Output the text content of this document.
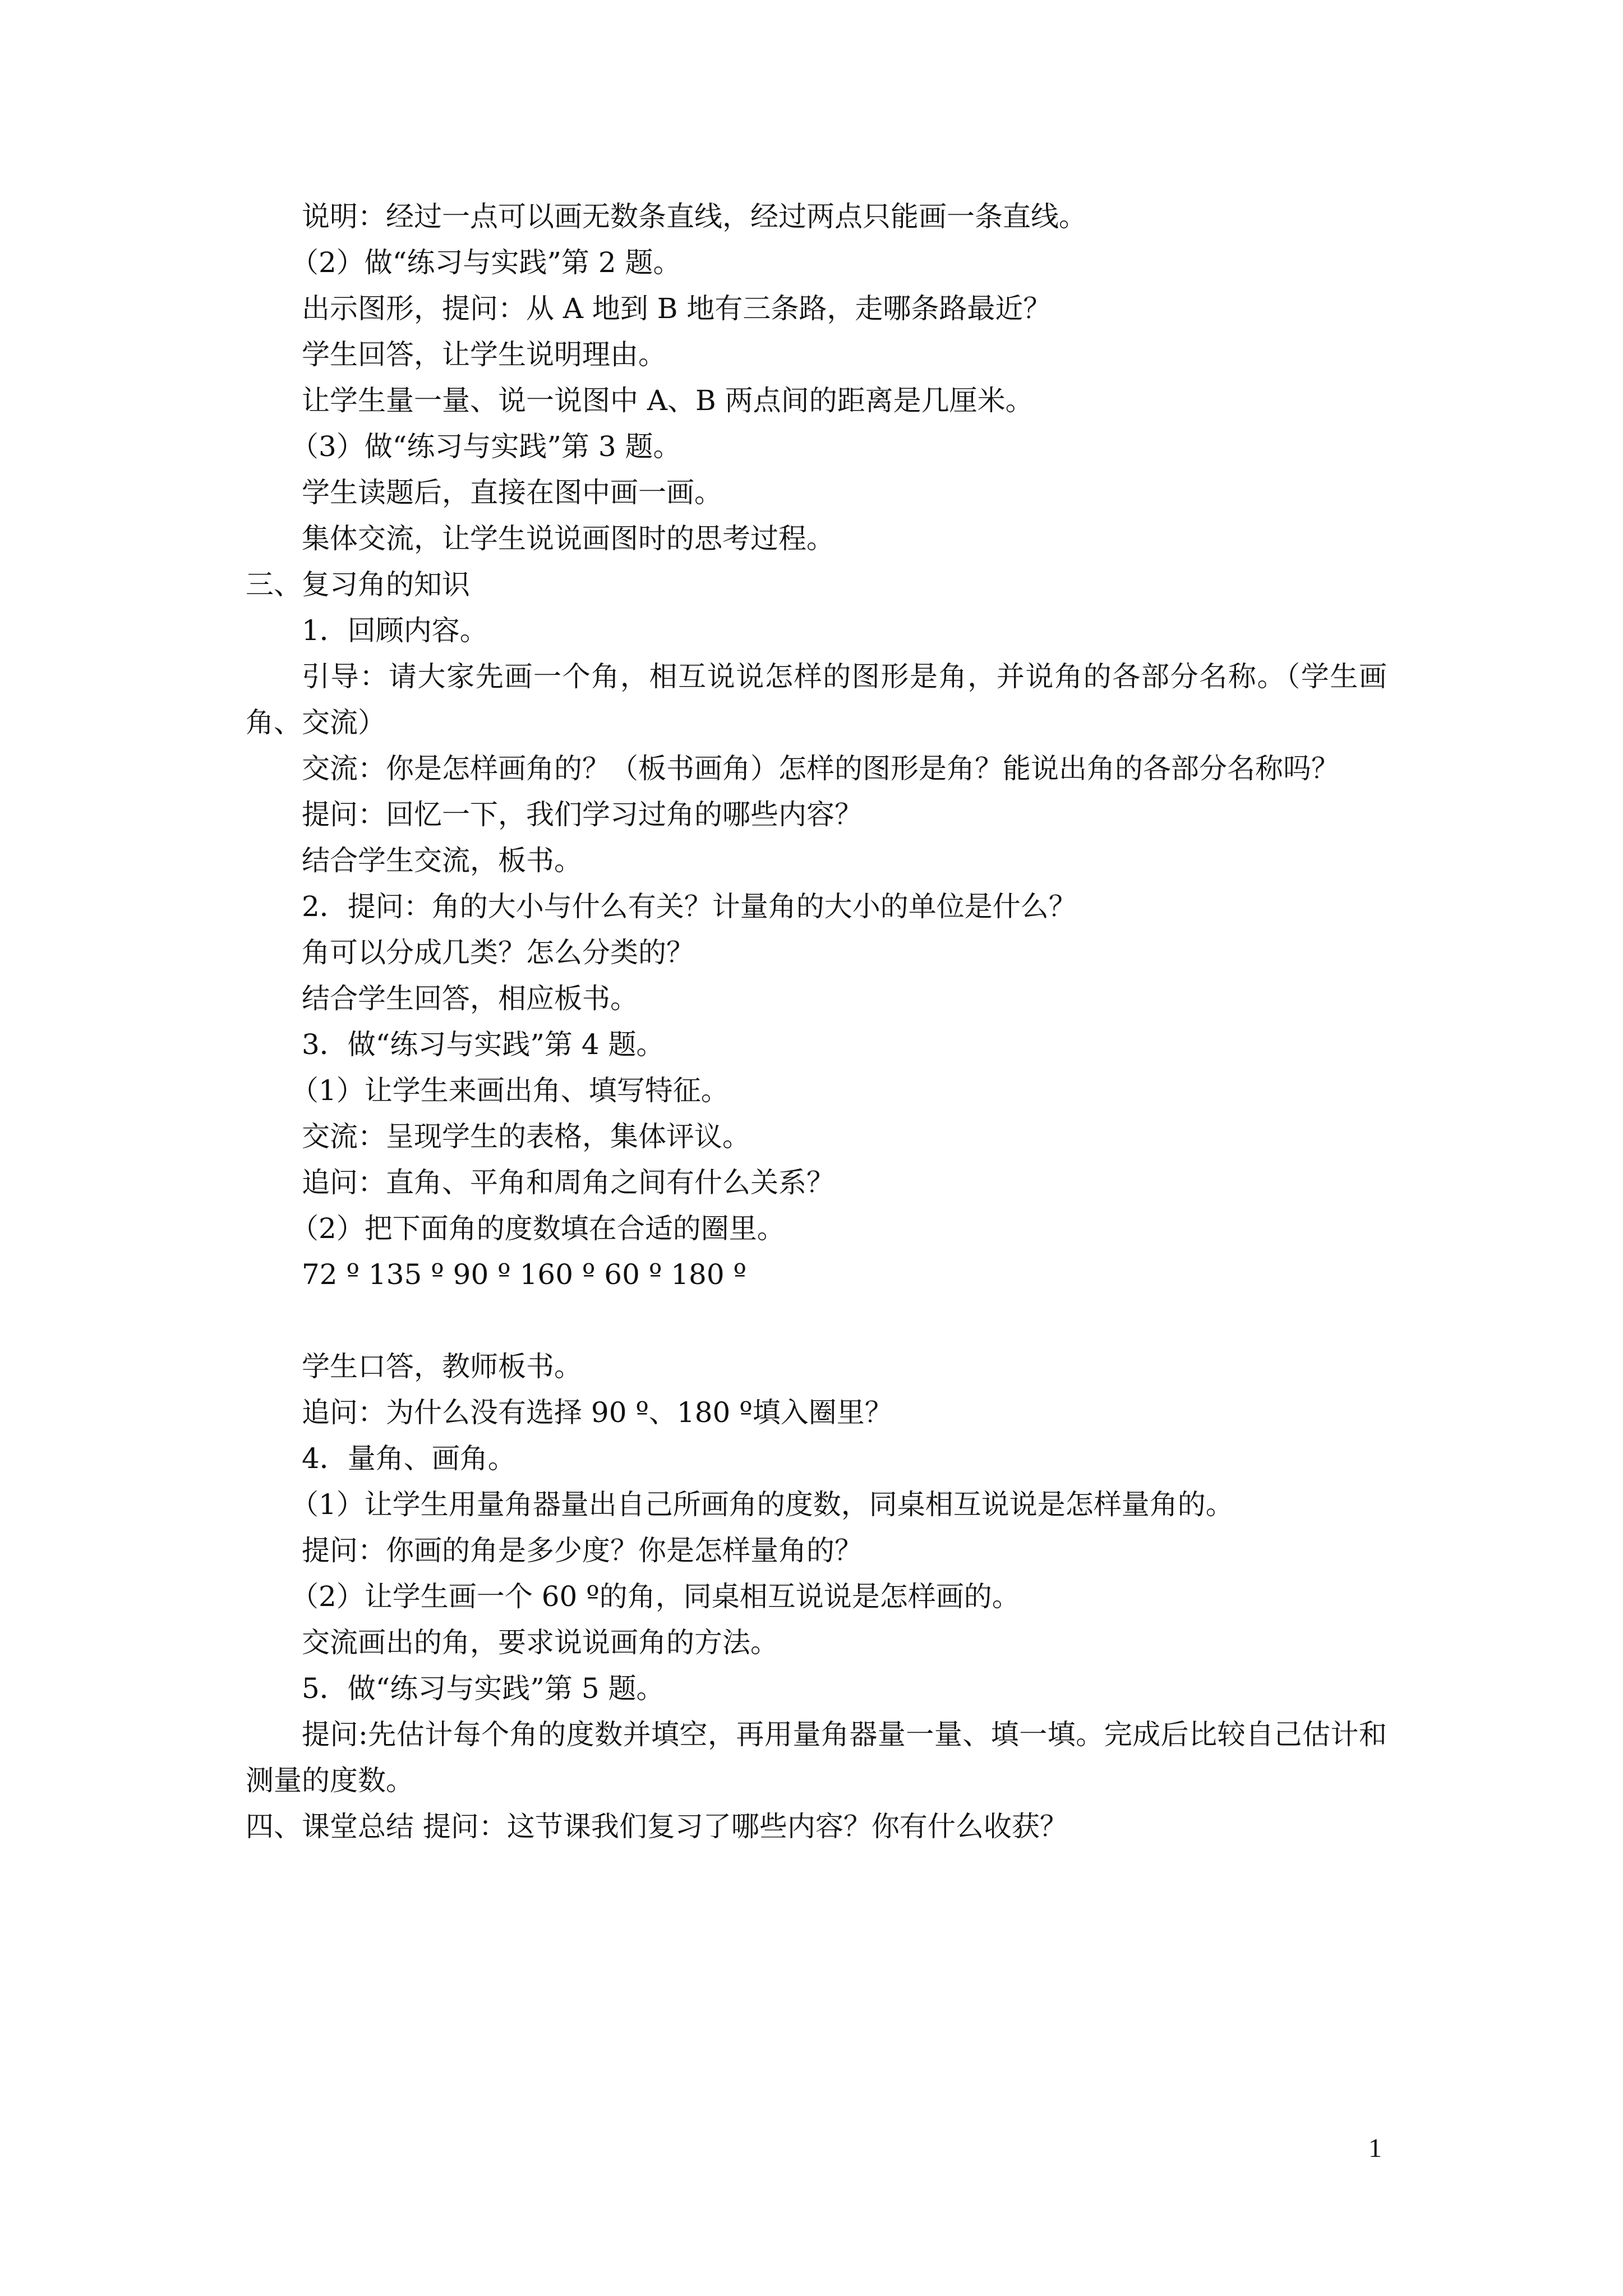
说明：经过一点可以画无数条直线，经过两点只能画一条直线。

（2）做“练习与实践”第 2 题。

出示图形，提问：从 A 地到 B 地有三条路，走哪条路最近？

学生回答，让学生说明理由。

让学生量一量、说一说图中 A、B 两点间的距离是几厘米。

（3）做“练习与实践”第 3 题。

学生读题后，直接在图中画一画。

集体交流，让学生说说画图时的思考过程。

三、复习角的知识

1．回顾内容。

引导：请大家先画一个角，相互说说怎样的图形是角，并说角的各部分名称。（学生画角、交流）

交流：你是怎样画角的？（板书画角）怎样的图形是角？能说出角的各部分名称吗？

提问：回忆一下，我们学习过角的哪些内容？

结合学生交流，板书。

2．提问：角的大小与什么有关？计量角的大小的单位是什么？

角可以分成几类？怎么分类的？

结合学生回答，相应板书。

3．做“练习与实践”第 4 题。

（1）让学生来画出角、填写特征。

交流：呈现学生的表格，集体评议。

追问：直角、平角和周角之间有什么关系？

（2）把下面角的度数填在合适的圈里。

72 º 135 º 90 º 160 º 60 º 180 º

学生口答，教师板书。

追问：为什么没有选择 90 º、180 º填入圈里？

4．量角、画角。

（1）让学生用量角器量出自己所画角的度数，同桌相互说说是怎样量角的。

提问：你画的角是多少度？你是怎样量角的？

（2）让学生画一个 60 º的角，同桌相互说说是怎样画的。

交流画出的角，要求说说画角的方法。

5．做“练习与实践”第 5 题。

提问:先估计每个角的度数并填空，再用量角器量一量、填一填。完成后比较自己估计和测量的度数。

四、课堂总结 提问：这节课我们复习了哪些内容？你有什么收获？

1
